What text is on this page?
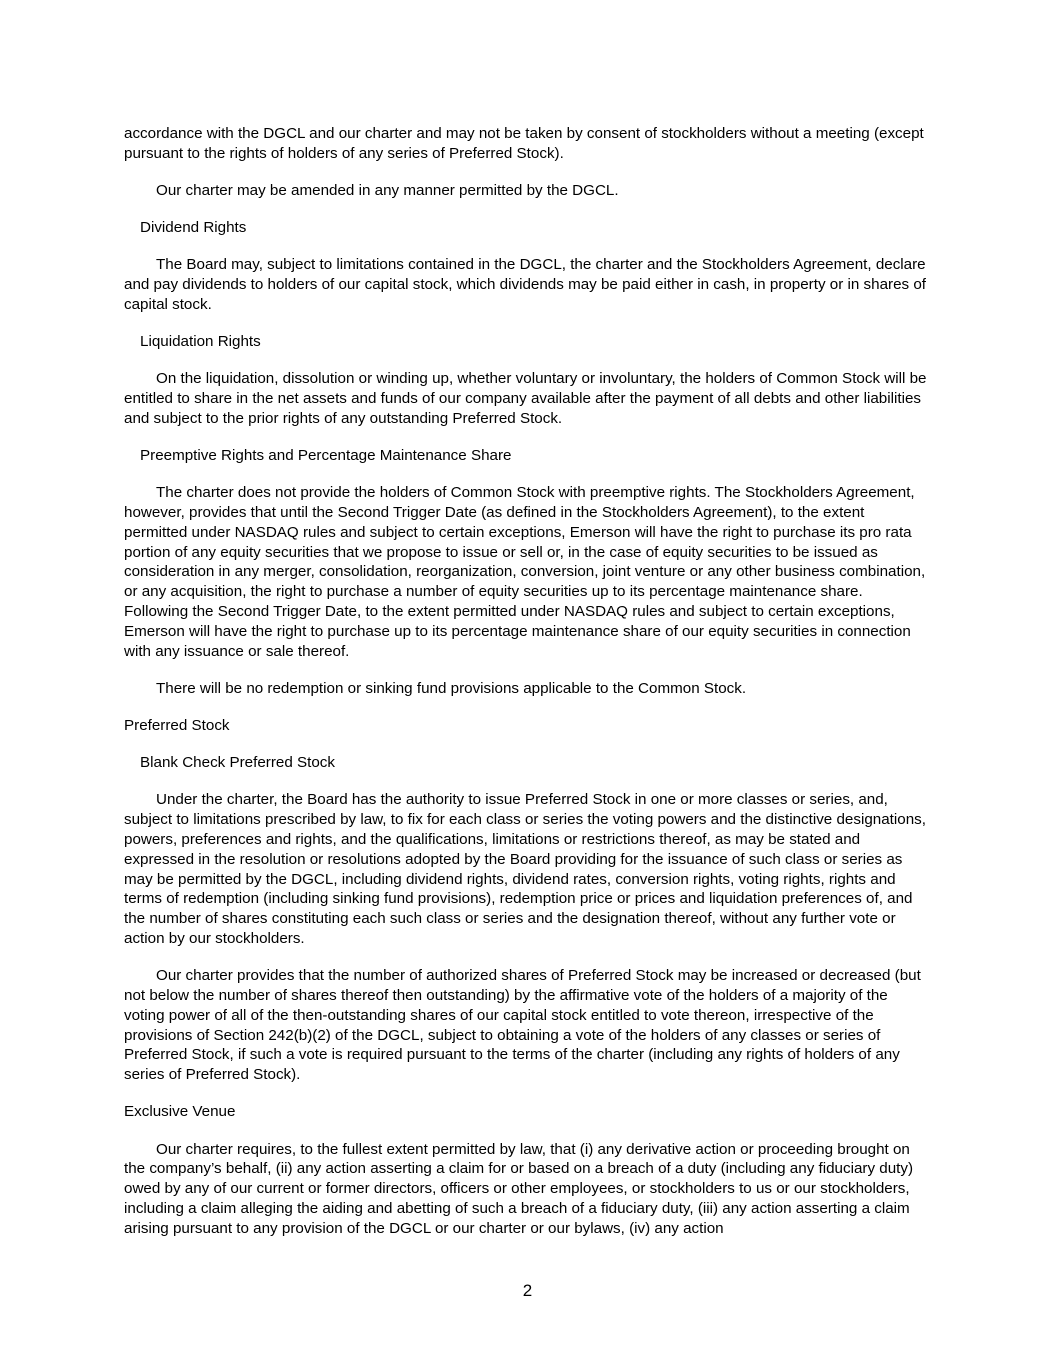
accordance with the DGCL and our charter and may not be taken by consent of stockholders without a meeting (except pursuant to the rights of holders of any series of Preferred Stock).

Our charter may be amended in any manner permitted by the DGCL.

Dividend Rights

The Board may, subject to limitations contained in the DGCL, the charter and the Stockholders Agreement, declare and pay dividends to holders of our capital stock, which dividends may be paid either in cash, in property or in shares of capital stock.

Liquidation Rights

On the liquidation, dissolution or winding up, whether voluntary or involuntary, the holders of Common Stock will be entitled to share in the net assets and funds of our company available after the payment of all debts and other liabilities and subject to the prior rights of any outstanding Preferred Stock.

Preemptive Rights and Percentage Maintenance Share

The charter does not provide the holders of Common Stock with preemptive rights. The Stockholders Agreement, however, provides that until the Second Trigger Date (as defined in the Stockholders Agreement), to the extent permitted under NASDAQ rules and subject to certain exceptions, Emerson will have the right to purchase its pro rata portion of any equity securities that we propose to issue or sell or, in the case of equity securities to be issued as consideration in any merger, consolidation, reorganization, conversion, joint venture or any other business combination, or any acquisition, the right to purchase a number of equity securities up to its percentage maintenance share. Following the Second Trigger Date, to the extent permitted under NASDAQ rules and subject to certain exceptions, Emerson will have the right to purchase up to its percentage maintenance share of our equity securities in connection with any issuance or sale thereof.

There will be no redemption or sinking fund provisions applicable to the Common Stock.

Preferred Stock

Blank Check Preferred Stock

Under the charter, the Board has the authority to issue Preferred Stock in one or more classes or series, and, subject to limitations prescribed by law, to fix for each class or series the voting powers and the distinctive designations, powers, preferences and rights, and the qualifications, limitations or restrictions thereof, as may be stated and expressed in the resolution or resolutions adopted by the Board providing for the issuance of such class or series as may be permitted by the DGCL, including dividend rights, dividend rates, conversion rights, voting rights, rights and terms of redemption (including sinking fund provisions), redemption price or prices and liquidation preferences of, and the number of shares constituting each such class or series and the designation thereof, without any further vote or action by our stockholders.

Our charter provides that the number of authorized shares of Preferred Stock may be increased or decreased (but not below the number of shares thereof then outstanding) by the affirmative vote of the holders of a majority of the voting power of all of the then-outstanding shares of our capital stock entitled to vote thereon, irrespective of the provisions of Section 242(b)(2) of the DGCL, subject to obtaining a vote of the holders of any classes or series of Preferred Stock, if such a vote is required pursuant to the terms of the charter (including any rights of holders of any series of Preferred Stock).

Exclusive Venue

Our charter requires, to the fullest extent permitted by law, that (i) any derivative action or proceeding brought on the company’s behalf, (ii) any action asserting a claim for or based on a breach of a duty (including any fiduciary duty) owed by any of our current or former directors, officers or other employees, or stockholders to us or our stockholders, including a claim alleging the aiding and abetting of such a breach of a fiduciary duty, (iii) any action asserting a claim arising pursuant to any provision of the DGCL or our charter or our bylaws, (iv) any action

2
